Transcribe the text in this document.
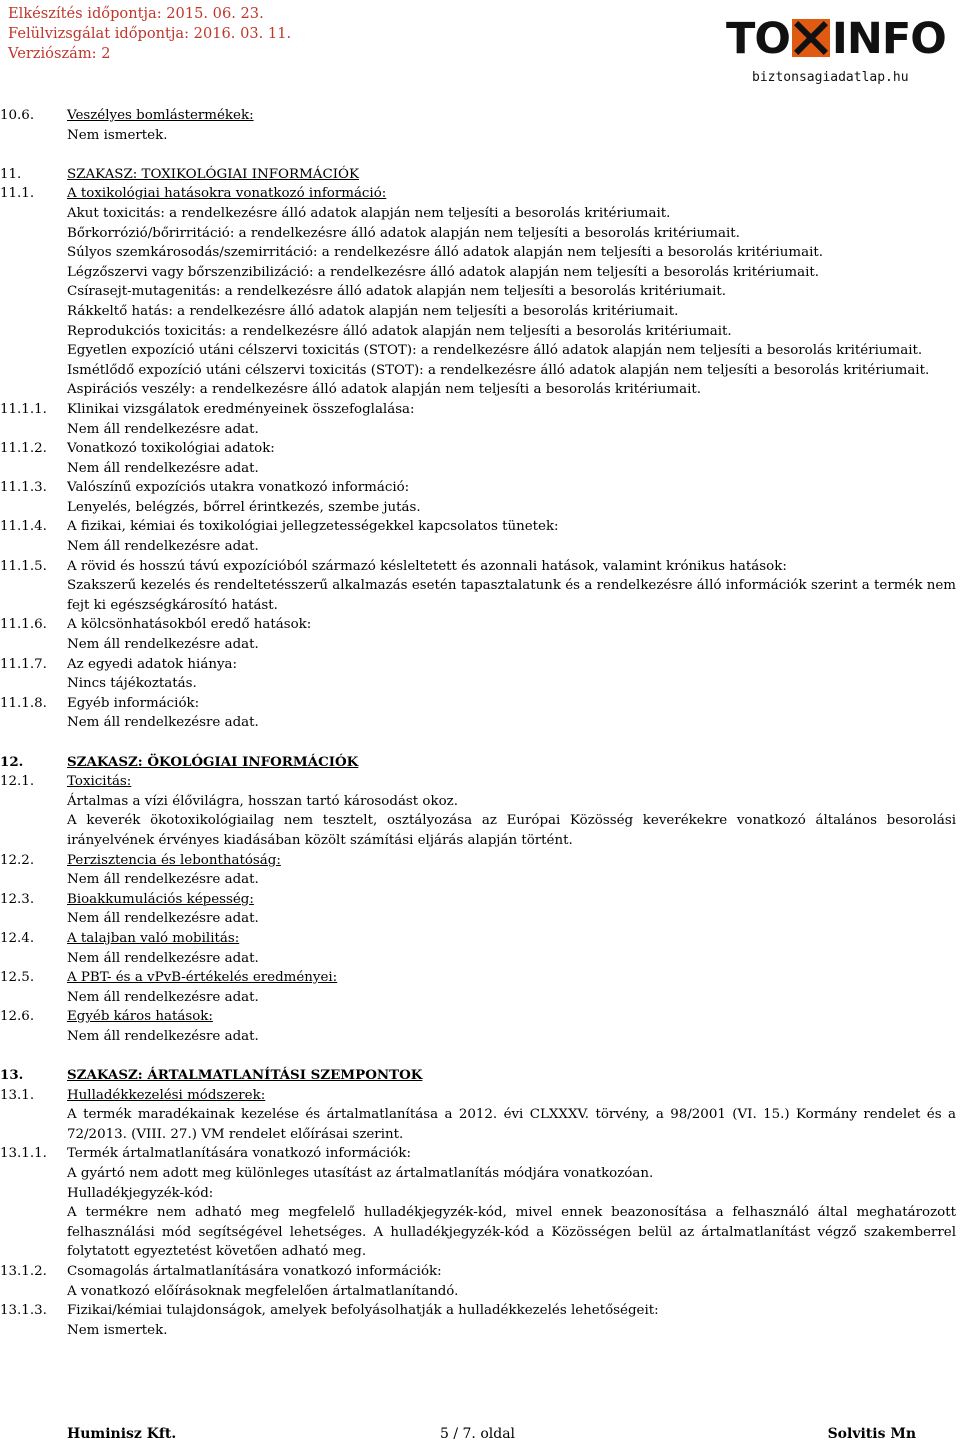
Elkészítés időpontja: 2015. 06. 23.
Felülvizsgálat időpontja: 2016. 03. 11.
Verziószám: 2	TO INFO
biztonsagiadatlap.hu
10.6. Veszélyes bomlástermékek:
Nem ismertek.
11.	SZAKASZ: TOXIKOLÓGIAI INFORMÁCIÓK
11.1. A toxikológiai hatásokra vonatkozó információ:
Akut toxicitás: a rendelkezésre álló adatok alapján nem teljesíti a besorolás kritériumait.
Bőrkorrózió/bőrirritáció: a rendelkezésre álló adatok alapján nem teljesíti a besorolás kritériumait.
Súlyos szemkárosodás/szemirritáció: a rendelkezésre álló adatok alapján nem teljesíti a besorolás kritériumait.
Légzőszervi vagy bőrszenzibilizáció: a rendelkezésre álló adatok alapján nem teljesíti a besorolás kritériumait.
Csírasejt-mutagenitás: a rendelkezésre álló adatok alapján nem teljesíti a besorolás kritériumait.
Rákkeltő hatás: a rendelkezésre álló adatok alapján nem teljesíti a besorolás kritériumait.
Reprodukciós toxicitás: a rendelkezésre álló adatok alapján nem teljesíti a besorolás kritériumait.
Egyetlen expozíció utáni célszervi toxicitás (STOT): a rendelkezésre álló adatok alapján nem teljesíti a besorolás kritériumait.
Ismétlődő expozíció utáni célszervi toxicitás (STOT): a rendelkezésre álló adatok alapján nem teljesíti a besorolás kritériumait.
Aspirációs veszély: a rendelkezésre álló adatok alapján nem teljesíti a besorolás kritériumait.
11.1.1. Klinikai vizsgálatok eredményeinek összefoglalása:
Nem áll rendelkezésre adat.
11.1.2. Vonatkozó toxikológiai adatok:
Nem áll rendelkezésre adat.
11.1.3. Valószínű expozíciós utakra vonatkozó információ:
Lenyelés, belégzés, bőrrel érintkezés, szembe jutás.
11.1.4. A fizikai, kémiai és toxikológiai jellegzetességekkel kapcsolatos tünetek:
Nem áll rendelkezésre adat.
11.1.5. A rövid és hosszú távú expozícióból származó késleltetett és azonnali hatások, valamint krónikus hatások:
Szakszerű kezelés és rendeltetésszerű alkalmazás esetén tapasztalatunk és a rendelkezésre álló információk szerint a termék nem fejt ki egészségkárosító hatást.
11.1.6. A kölcsönhatásokból eredő hatások:
Nem áll rendelkezésre adat.
11.1.7. Az egyedi adatok hiánya:
Nincs tájékoztatás.
11.1.8. Egyéb információk:
Nem áll rendelkezésre adat.
12.	SZAKASZ: ÖKOLÓGIAI INFORMÁCIÓK
12.1. Toxicitás:
Ártalmas a vízi élővilágra, hosszan tartó károsodást okoz.
A keverék ökotoxikológiailag nem tesztelt, osztályozása az Európai Közösség keverékekre vonatkozó általános besorolási irányelvének érvényes kiadásában közölt számítási eljárás alapján történt.
12.2. Perzisztencia és lebonthatóság:
Nem áll rendelkezésre adat.
12.3. Bioakkumulációs képesség:
Nem áll rendelkezésre adat.
12.4. A talajban való mobilitás:
Nem áll rendelkezésre adat.
12.5. A PBT- és a vPvB-értékelés eredményei:
Nem áll rendelkezésre adat.
12.6. Egyéb káros hatások:
Nem áll rendelkezésre adat.
13.	SZAKASZ: ÁRTALMATLANÍTÁSI SZEMPONTOK
13.1. Hulladékkezelési módszerek:
A termék maradékainak kezelése és ártalmatlanítása a 2012. évi CLXXXV. törvény, a 98/2001 (VI. 15.) Kormány rendelet és a 72/2013. (VIII. 27.) VM rendelet előírásai szerint.
13.1.1. Termék ártalmatlanítására vonatkozó információk:
A gyártó nem adott meg különleges utasítást az ártalmatlanítás módjára vonatkozóan.
Hulladékjegyzék-kód:
A termékre nem adható meg megfelelő hulladékjegyzék-kód, mivel ennek beazonosítása a felhasználó által meghatározott felhasználási mód segítségével lehetséges. A hulladékjegyzék-kód a Közösségen belül az ártalmatlanítást végző szakemberrel folytatott egyeztetést követően adható meg.
13.1.2. Csomagolás ártalmatlanítására vonatkozó információk:
A vonatkozó előírásoknak megfelelően ártalmatlanítandó.
13.1.3. Fizikai/kémiai tulajdonságok, amelyek befolyásolhatják a hulladékkezelés lehetőségeit:
Nem ismertek.
Huminisz Kft.	5 / 7. oldal	Solvitis Mn
